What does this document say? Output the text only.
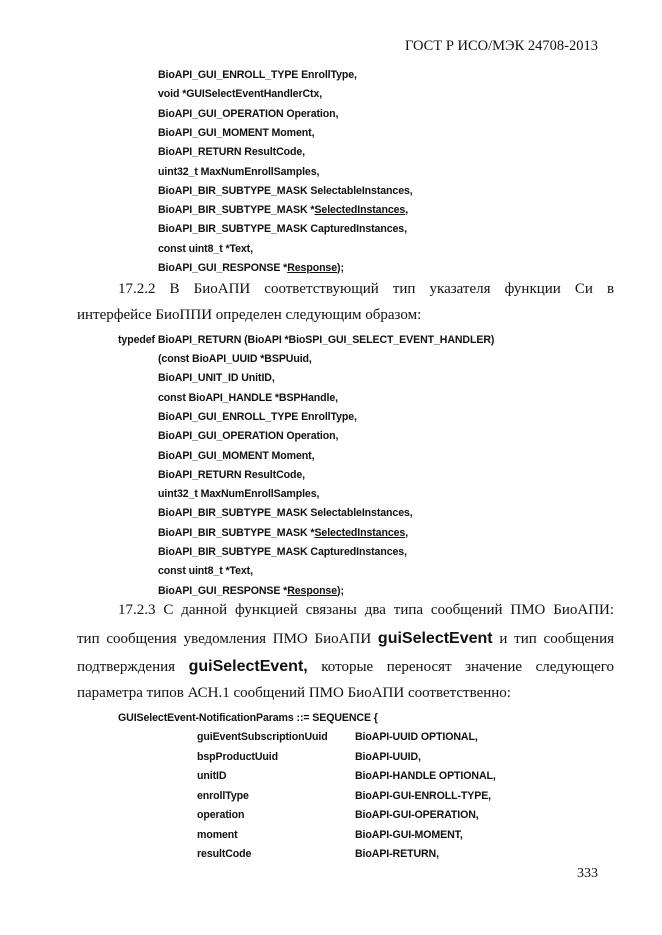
ГОСТ Р ИСО/МЭК 24708-2013
BioAPI_GUI_ENROLL_TYPE EnrollType,
void *GUISelectEventHandlerCtx,
BioAPI_GUI_OPERATION Operation,
BioAPI_GUI_MOMENT Moment,
BioAPI_RETURN ResultCode,
uint32_t MaxNumEnrollSamples,
BioAPI_BIR_SUBTYPE_MASK SelectableInstances,
BioAPI_BIR_SUBTYPE_MASK *SelectedInstances,
BioAPI_BIR_SUBTYPE_MASK CapturedInstances,
const uint8_t *Text,
BioAPI_GUI_RESPONSE *Response);
17.2.2 В БиоАПИ соответствующий тип указателя функции Си в
интерфейсе БиоППИ определен следующим образом:
typedef BioAPI_RETURN (BioAPI *BioSPI_GUI_SELECT_EVENT_HANDLER)
(const BioAPI_UUID *BSPUuid,
BioAPI_UNIT_ID UnitID,
const BioAPI_HANDLE *BSPHandle,
BioAPI_GUI_ENROLL_TYPE EnrollType,
BioAPI_GUI_OPERATION Operation,
BioAPI_GUI_MOMENT Moment,
BioAPI_RETURN ResultCode,
uint32_t MaxNumEnrollSamples,
BioAPI_BIR_SUBTYPE_MASK SelectableInstances,
BioAPI_BIR_SUBTYPE_MASK *SelectedInstances,
BioAPI_BIR_SUBTYPE_MASK CapturedInstances,
const uint8_t *Text,
BioAPI_GUI_RESPONSE *Response);
17.2.3 С данной функцией связаны два типа сообщений ПМО БиоАПИ:
тип сообщения уведомления ПМО БиоАПИ guiSelectEvent и тип сообщения
подтверждения guiSelectEvent, которые переносят значение следующего
параметра типов АСН.1 сообщений ПМО БиоАПИ соответственно:
GUISelectEvent-NotificationParams ::= SEQUENCE {
guiEventSubscriptionUuid	BioAPI-UUID OPTIONAL,
bspProductUuid	BioAPI-UUID,
unitID	BioAPI-HANDLE OPTIONAL,
enrollType	BioAPI-GUI-ENROLL-TYPE,
operation	BioAPI-GUI-OPERATION,
moment	BioAPI-GUI-MOMENT,
resultCode	BioAPI-RETURN,
333
